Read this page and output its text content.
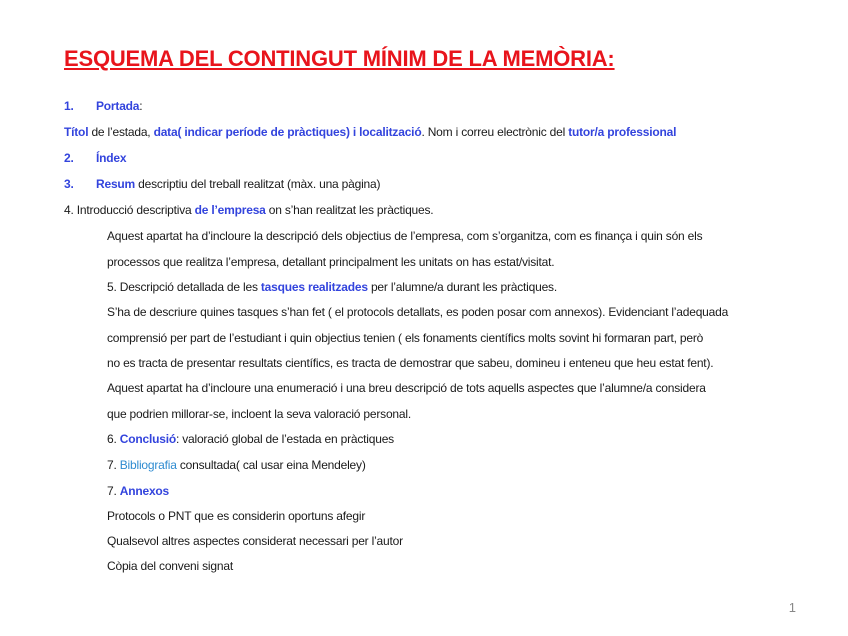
ESQUEMA DEL CONTINGUT MÍNIM DE LA MEMÒRIA:
1. Portada:
Títol de l’estada, data( indicar període de pràctiques) i localització. Nom i correu electrònic del tutor/a professional
2. Índex
3. Resum descriptiu del treball realitzat (màx. una pàgina)
4. Introducció descriptiva de l’empresa on s’han realitzat les pràctiques.
Aquest apartat ha d’incloure la descripció dels objectius de l’empresa, com s’organitza, com es finança i quin són els
processos que realitza l’empresa, detallant principalment les unitats on has estat/visitat.
5. Descripció detallada de les tasques realitzades per l’alumne/a durant les pràctiques.
S’ha de descriure quines tasques s’han fet ( el protocols detallats, es poden posar com annexos). Evidenciant l’adequada
comprensió per part de l’estudiant i quin objectius tenien ( els fonaments científics molts sovint hi formaran part, però
no es tracta de presentar resultats científics, es tracta de demostrar que sabeu, domineu i enteneu que heu estat fent).
Aquest apartat ha d’incloure una enumeració i una breu descripció de tots aquells aspectes que l’alumne/a considera
que podrien millorar-se, incloent la seva valoració personal.
6. Conclusió: valoració global de l’estada en pràctiques
7. Bibliografia consultada( cal usar eina Mendeley)
7. Annexos
Protocols o PNT que es considerin oportuns afegir
Qualsevol altres aspectes considerat necessari per l’autor
Còpia del conveni signat
1
